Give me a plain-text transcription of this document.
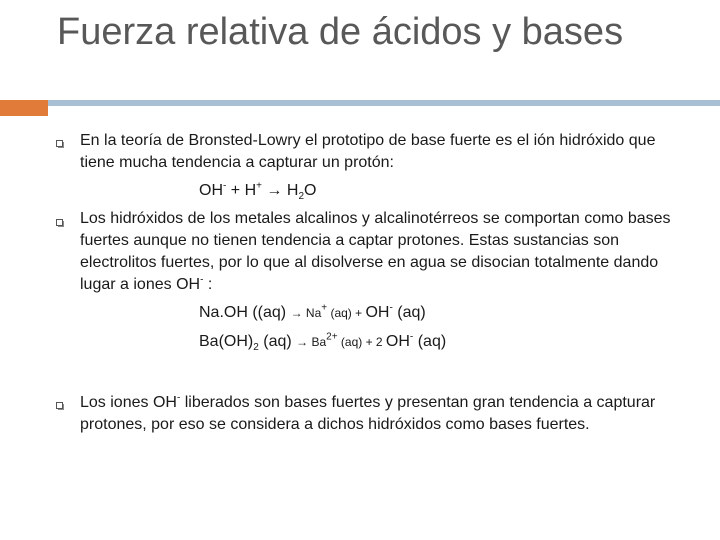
Fuerza relativa de ácidos y bases
En la teoría de Bronsted-Lowry el prototipo de base fuerte es el ión hidróxido que tiene mucha tendencia a capturar un protón:
$OH^- + H^+ \to H_2O$
Los hidróxidos de los metales alcalinos y alcalinotérreos se comportan como bases fuertes aunque no tienen tendencia a captar protones. Estas sustancias son electrolitos fuertes, por lo que al disolverse en agua se disocian totalmente dando lugar a iones OH- :
Na.OH ((aq) → Na+ (aq) + OH- (aq)
$Ba(OH)_2$ $(aq) \to Ba^{2+}$ (aq) + 2 OH- (aq)
Los iones OH- liberados son bases fuertes y presentan gran tendencia a capturar protones, por eso se considera a dichos hidróxidos como bases fuertes.
